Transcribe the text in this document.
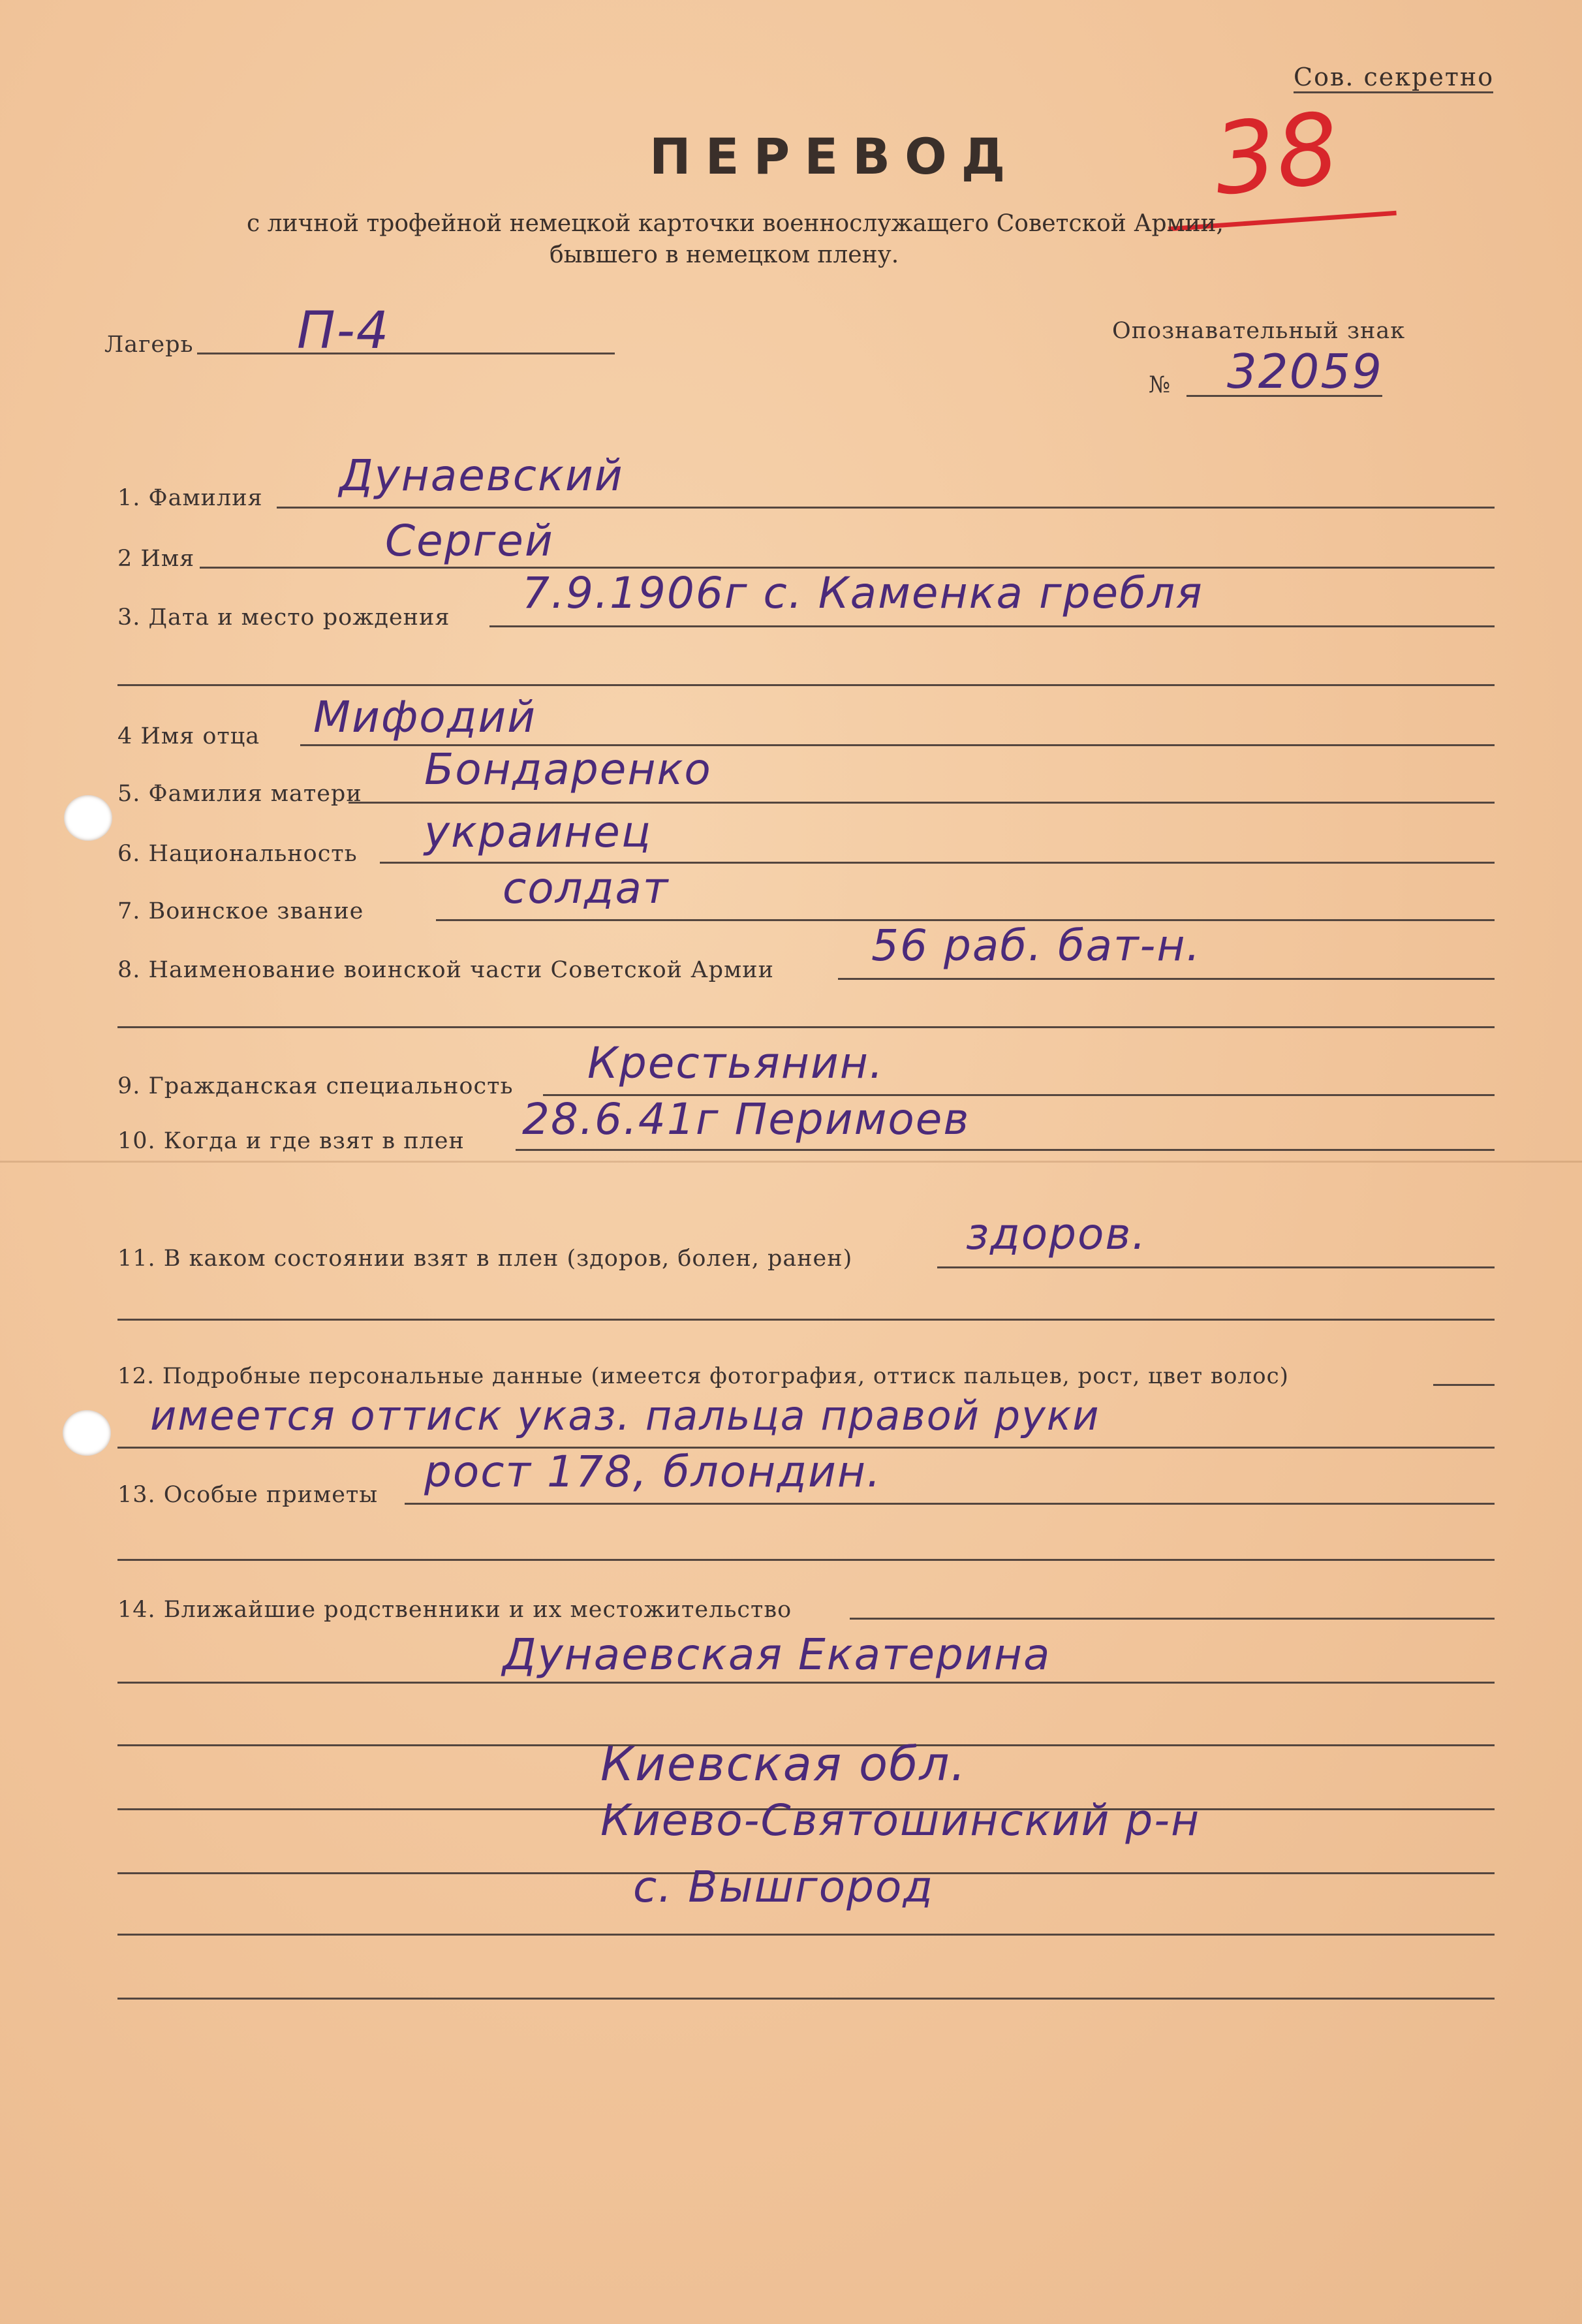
Сов. секретно
38
ПЕРЕВОД
с личной трофейной немецкой карточки военнослужащего Советской Армии,
бывшего в немецком плену.
Лагерь П-4	Опознавательный знак
№ 32059
1. Фамилия Дунаевский
2 Имя	Сергей
3. Дата и место рождения 7.9.1906г с. Каменка гребля
4 Имя отца Мифодий
5. Фамилия матери Бондаренко
6. Национальность украинец
7. Воинское звание	солдат
8. Наименование воинской части Советской Армии 56 раб. бат-н.
9. Гражданская специальность Крестьянин.
10. Когда и где взят в плен 28.6.41г Перимоев
11. В каком состоянии взят в плен (здоров, болен, ранен)	здоров.
12. Подробные персональные данные (имеется фотография, оттиск пальцев, рост, цвет волос)
имеется оттиск указ. пальца правой руки
13. Особые приметы рост 178, блондин.
14. Ближайшие родственники и их местожительство
Дунаевская Екатерина
Киевская обл.
Киево-Святошинский р-н
с. Вышгород
